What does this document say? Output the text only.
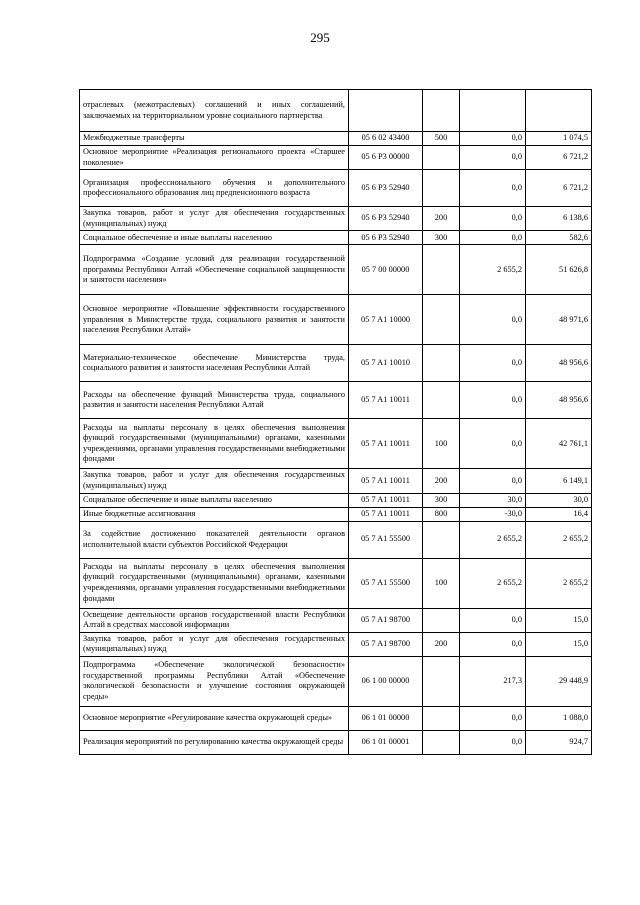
295
отраслевых (межотраслевых) соглашений и иных соглашений, заключаемых на территориальном уровне социального партнерства				
Межбюджетные трансферты	05 6 02 43400	500	0,0	1 074,5
Основное мероприятие «Реализация регионального проекта «Старшее поколение»	05 6 P3 00000		0,0	6 721,2
Организация профессионального обучения и дополнительного профессионального образования лиц предпенсионного возраста	05 6 P3 52940		0,0	6 721,2
Закупка товаров, работ и услуг для обеспечения государственных (муниципальных) нужд	05 6 P3 52940	200	0,0	6 138,6
Социальное обеспечение и иные выплаты населению	05 6 P3 52940	300	0,0	582,6
Подпрограмма «Создание условий для реализации государственной программы Республики Алтай «Обеспечение социальной защищенности и занятости населения»	05 7 00 00000		2 655,2	51 626,8
Основное мероприятие «Повышение эффективности государственного управления в Министерстве труда, социального развития и занятости населения Республики Алтай»	05 7 A1 10000		0,0	48 971,6
Материально-техническое обеспечение Министерства труда, социального развития и занятости населения Республики Алтай	05 7 A1 10010		0,0	48 956,6
Расходы на обеспечение функций Министерства труда, социального развития и занятости населения Республики Алтай	05 7 A1 10011		0,0	48 956,6
Расходы на выплаты персоналу в целях обеспечения выполнения функций государственными (муниципальными) органами, казенными учреждениями, органами управления государственными внебюджетными фондами	05 7 A1 10011	100	0,0	42 761,1
Закупка товаров, работ и услуг для обеспечения государственных (муниципальных) нужд	05 7 A1 10011	200	0,0	6 149,1
Социальное обеспечение и иные выплаты населению	05 7 A1 10011	300	30,0	30,0
Иные бюджетные ассигнования	05 7 A1 10011	800	-30,0	16,4
За содействие достижению показателей деятельности органов исполнительной власти субъектов Российской Федерации	05 7 A1 55500		2 655,2	2 655,2
Расходы на выплаты персоналу в целях обеспечения выполнения функций государственными (муниципальными) органами, казенными учреждениями, органами управления государственными внебюджетными фондами	05 7 A1 55500	100	2 655,2	2 655,2
Освещение деятельности органов государственной власти Республики Алтай в средствах массовой информации	05 7 A1 98700		0,0	15,0
Закупка товаров, работ и услуг для обеспечения государственных (муниципальных) нужд	05 7 A1 98700	200	0,0	15,0
Подпрограмма «Обеспечение экологической безопасности» государственной программы Республики Алтай «Обеспечение экологической безопасности и улучшение состояния окружающей среды»	06 1 00 00000		217,3	29 448,9
Основное мероприятие «Регулирование качества окружающей среды»	06 1 01 00000		0,0	1 088,0
Реализация мероприятий по регулированию качества окружающей среды	06 1 01 00001		0,0	924,7
